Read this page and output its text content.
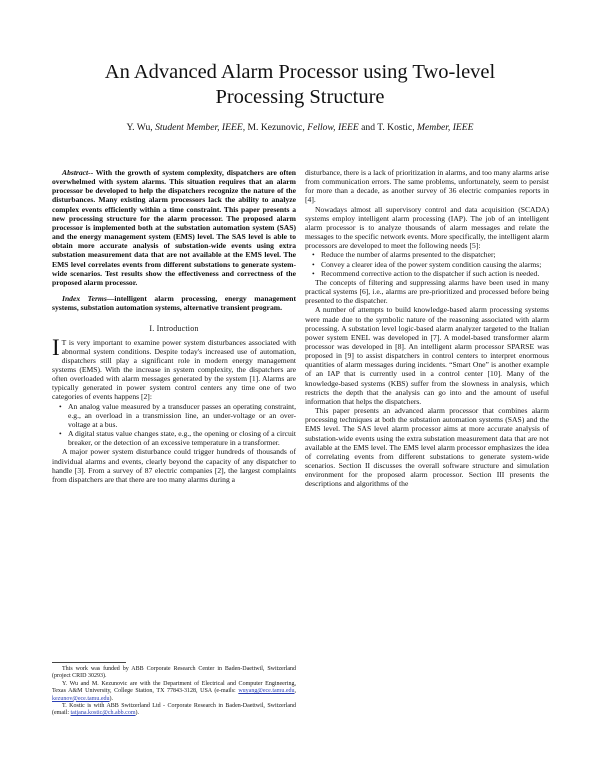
An Advanced Alarm Processor using Two-level
Processing Structure
Y. Wu, Student Member, IEEE, M. Kezunovic, Fellow, IEEE and T. Kostic, Member, IEEE

Abstract-- With the growth of system complexity, dispatchers are often overwhelmed with system alarms. This situation requires that an alarm processor be developed to help the dispatchers recognize the nature of the disturbances. Many existing alarm processors lack the ability to analyze complex events efficiently within a time constraint. This paper presents a new processing structure for the alarm processor. The proposed alarm processor is implemented both at the substation automation system (SAS) and the energy management system (EMS) level. The SAS level is able to obtain more accurate analysis of substation-wide events using extra substation measurement data that are not available at the EMS level. The EMS level correlates events from different substations to generate system-wide scenarios. Test results show the effectiveness and correctness of the proposed alarm processor.

Index Terms—intelligent alarm processing, energy management systems, substation automation systems, alternative transient program.

I. Introduction

I T is very important to examine power system disturbances associated with abnormal system conditions. Despite today's increased use of automation, dispatchers still play a significant role in modern energy management systems (EMS). With the increase in system complexity, the dispatchers are often overloaded with alarm messages generated by the system [1]. Alarms are typically generated in power system control centers any time one of two categories of events happens [2]:

• An analog value measured by a transducer passes an operating constraint, e.g., an overload in a transmission line, an under-voltage or an over-voltage at a bus.
• A digital status value changes state, e.g., the opening or closing of a circuit breaker, or the detection of an excessive temperature in a transformer.

A major power system disturbance could trigger hundreds of thousands of individual alarms and events, clearly beyond the capacity of any dispatcher to handle [3]. From a survey of 87 electric companies [2], the largest complaints from dispatchers are that there are too many alarms during a

disturbance, there is a lack of prioritization in alarms, and too many alarms arise from communication errors. The same problems, unfortunately, seem to persist for more than a decade, as another survey of 36 electric companies reports in [4].

Nowadays almost all supervisory control and data acquisition (SCADA) systems employ intelligent alarm processing (IAP). The job of an intelligent alarm processor is to analyze thousands of alarm messages and relate the messages to the specific network events. More specifically, the intelligent alarm processors are developed to meet the following needs [5]:

• Reduce the number of alarms presented to the dispatcher;
• Convey a clearer idea of the power system condition causing the alarms;
• Recommend corrective action to the dispatcher if such action is needed.

The concepts of filtering and suppressing alarms have been used in many practical systems [6], i.e., alarms are pre-prioritized and processed before being presented to the dispatcher.

A number of attempts to build knowledge-based alarm processing systems were made due to the symbolic nature of the reasoning associated with alarm processing. A substation level logic-based alarm analyzer targeted to the Italian power system ENEL was developed in [7]. A model-based transformer alarm processor was developed in [8]. An intelligent alarm processor SPARSE was proposed in [9] to assist dispatchers in control centers to interpret enormous quantities of alarm messages during incidents. “Smart One” is another example of an IAP that is currently used in a control center [10]. Many of the knowledge-based systems (KBS) suffer from the slowness in analysis, which restricts the depth that the analysis can go into and the amount of useful information that helps the dispatchers.

This paper presents an advanced alarm processor that combines alarm processing techniques at both the substation automation systems (SAS) and the EMS level. The SAS level alarm processor aims at more accurate analysis of substation-wide events using the extra substation measurement data that are not available at the EMS level. The EMS level alarm processor emphasizes the idea of correlating events from different substations to generate system-wide scenarios. Section II discusses the overall software structure and simulation environment for the proposed alarm processor. Section III presents the descriptions and algorithms of the

This work was funded by ABB Corporate Research Center in Baden-Daettwil, Switzerland (project CRID 30293).

Y. Wu and M. Kezunovic are with the Department of Electrical and Computer Engineering, Texas A&M University, College Station, TX 77843-3128, USA (e-mails: wuyang@ece.tamu.edu, kezunov@ece.tamu.edu).

T. Kostic is with ABB Switzerland Ltd - Corporate Research in Baden-Daettwil, Switzerland (email: tatjana.kostic@ch.abb.com).
